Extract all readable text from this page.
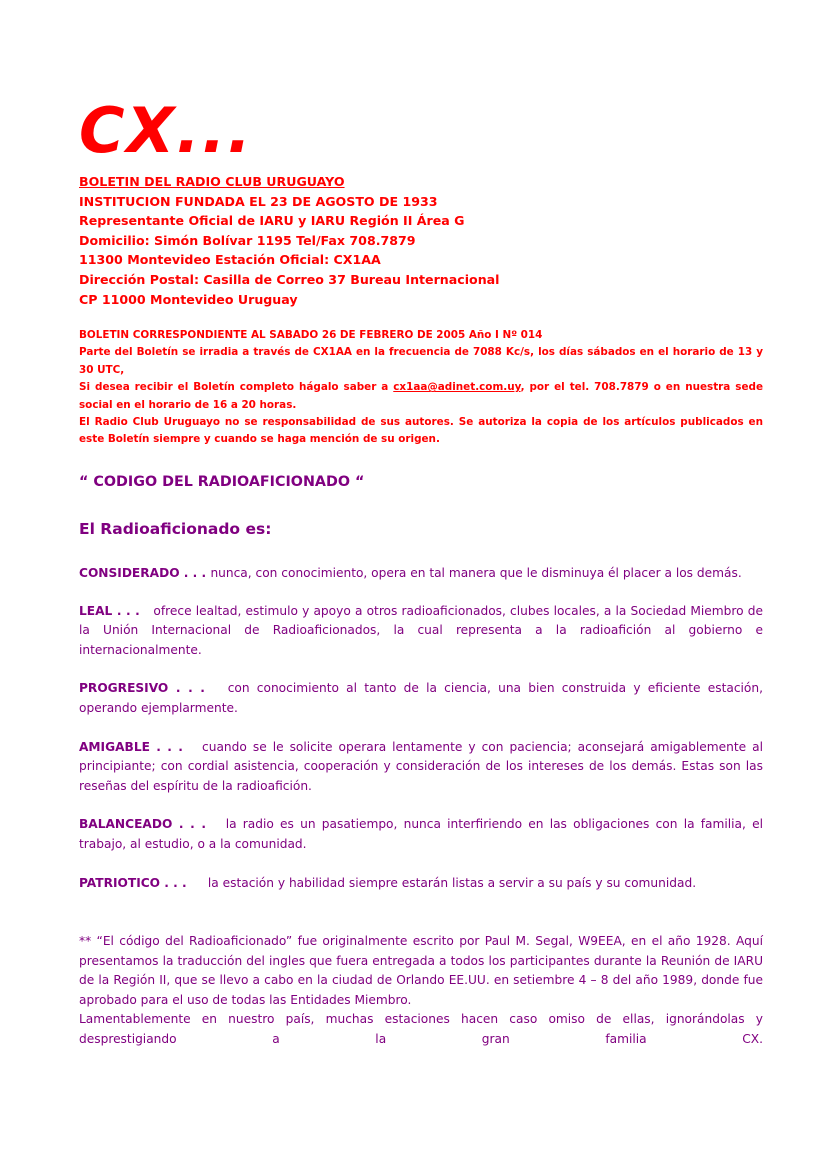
CX...
BOLETIN DEL RADIO CLUB URUGUAYO
INSTITUCION FUNDADA EL 23 DE AGOSTO DE 1933
Representante Oficial de IARU y IARU Región II Área G
Domicilio: Simón Bolívar 1195 Tel/Fax 708.7879
11300 Montevideo Estación Oficial: CX1AA
Dirección Postal: Casilla de Correo 37 Bureau Internacional
CP 11000 Montevideo Uruguay

BOLETIN CORRESPONDIENTE AL SABADO 26 DE FEBRERO DE 2005 Año I Nº 014

Parte del Boletín se irradia a través de CX1AA en la frecuencia de 7088 Kc/s, los días sábados en el horario de 13 y 30 UTC,

Si desea recibir el Boletín completo hágalo saber a cx1aa@adinet.com.uy, por el tel. 708.7879 o en nuestra sede social en el horario de 16 a 20 horas.

El Radio Club Uruguayo no se responsabilidad de sus autores. Se autoriza la copia de los artículos publicados en este Boletín siempre y cuando se haga mención de su origen.

“ CODIGO DEL RADIOAFICIONADO “
El Radioaficionado es:

CONSIDERADO . . . nunca, con conocimiento, opera en tal manera que le disminuya él placer a los demás.

LEAL . . .   ofrece lealtad, estimulo y apoyo a otros radioaficionados, clubes locales, a la Sociedad Miembro de la Unión Internacional de Radioaficionados, la cual representa a la radioafición al gobierno e internacionalmente.

PROGRESIVO . . .   con conocimiento al tanto de la ciencia, una bien construida y eficiente estación, operando ejemplarmente.

AMIGABLE . . .   cuando se le solicite operara lentamente y con paciencia; aconsejará amigablemente al principiante; con cordial asistencia, cooperación y consideración de los intereses de los demás. Estas son las reseñas del espíritu de la radioafición.

BALANCEADO . . .   la radio es un pasatiempo, nunca interfiriendo en las obligaciones con la familia, el trabajo, al estudio, o a la comunidad.

PATRIOTICO . . .     la estación y habilidad siempre estarán listas a servir a su país y su comunidad.

** “El código del Radioaficionado” fue originalmente escrito por Paul M. Segal, W9EEA, en el año 1928. Aquí presentamos la traducción del ingles que fuera entregada a todos los participantes durante la Reunión de IARU de la Región II, que se llevo a cabo en la ciudad de Orlando EE.UU. en setiembre 4 – 8 del año 1989, donde fue aprobado para el uso de todas las Entidades Miembro.

Lamentablemente en nuestro país, muchas estaciones hacen caso omiso de ellas, ignorándolas y desprestigiando a la gran familia CX.
